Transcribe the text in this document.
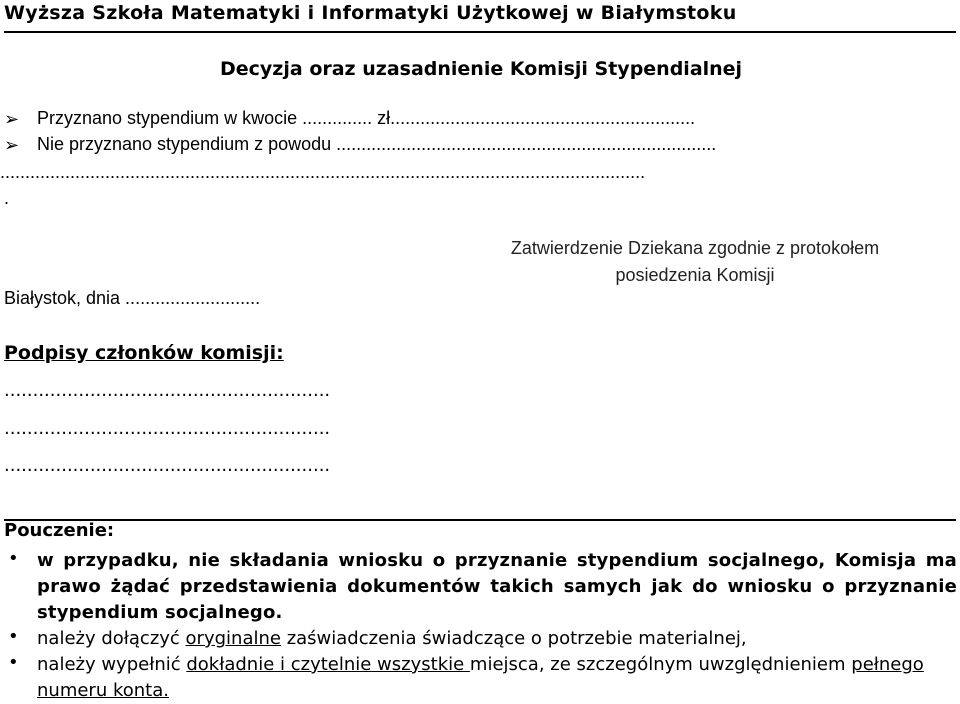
Wyższa Szkoła Matematyki i Informatyki Użytkowej w Białymstoku
Decyzja oraz uzasadnienie Komisji Stypendialnej
➢ Przyznano stypendium w kwocie .............. zł.............................................................
➢ Nie przyznano stypendium z powodu ............................................................................
.................................................................................................................................
.
Zatwierdzenie Dziekana zgodnie z protokołem posiedzenia Komisji
Białystok, dnia ...........................
Podpisy członków komisji:
.........................................................
.........................................................
.........................................................
Pouczenie:
• w przypadku, nie składania wniosku o przyznanie stypendium socjalnego, Komisja ma prawo żądać przedstawienia dokumentów takich samych jak do wniosku o przyznanie stypendium socjalnego.
• należy dołączyć oryginalne zaświadczenia świadczące o potrzebie materialnej,
• należy wypełnić dokładnie i czytelnie wszystkie miejsca, ze szczególnym uwzględnieniem pełnego numeru konta.
